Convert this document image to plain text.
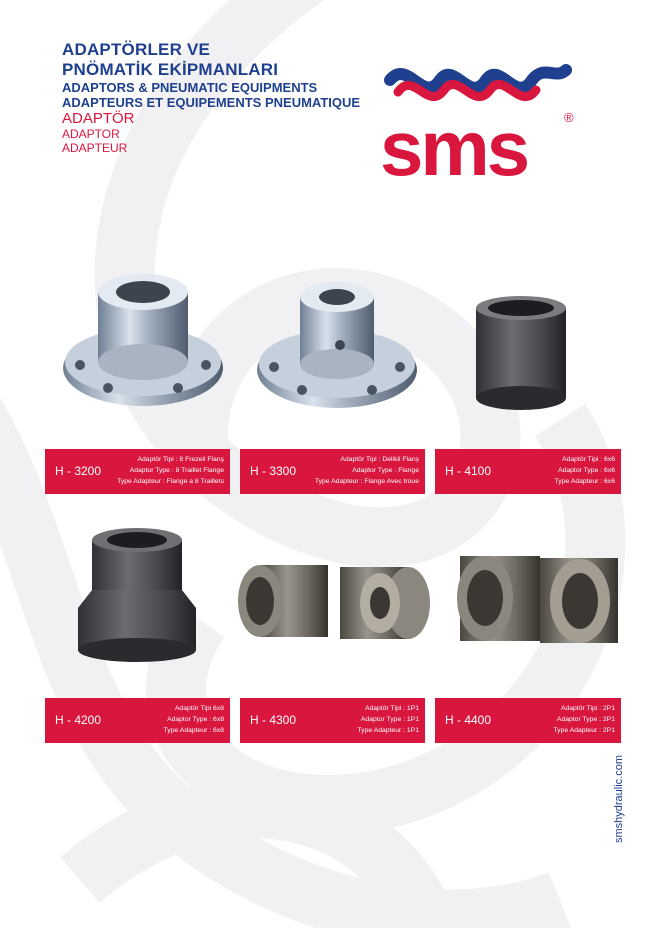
ADAPTÖRLER VE
PNÖMATİK EKİPMANLARI
ADAPTORS & PNEUMATIC EQUIPMENTS
ADAPTEURS ET EQUIPEMENTS PNEUMATIQUE
ADAPTÖR
ADAPTOR
ADAPTEUR	sms	®
H - 3200
Adaptör Tipi : 8 Frezeli Flanş
Adaptor Type : 8 Traillet Flange
Type Adapteur : Flange a 8 Traillets
H - 3300
Adaptör Tipi : Delikli Flanş
Adaptor Type : Flange
Type Adapteur : Flange Avec troue
H - 4100
Adaptör Tipi : 6x6
Adaptor Type : 6x6
Type Adapteur : 6x6
H - 4200
Adaptör Tipi 6x8
Adaptor Type : 6x8
Type Adapteur : 6x8
H - 4300
Adaptör Tipi : 1P1
Adaptor Type : 1P1
Type Adapteur : 1P1
H - 4400
Adaptör Tipi : 2P1
Adaptor Type : 2P1
Type Adapteur : 2P1
smshydraulic.com
